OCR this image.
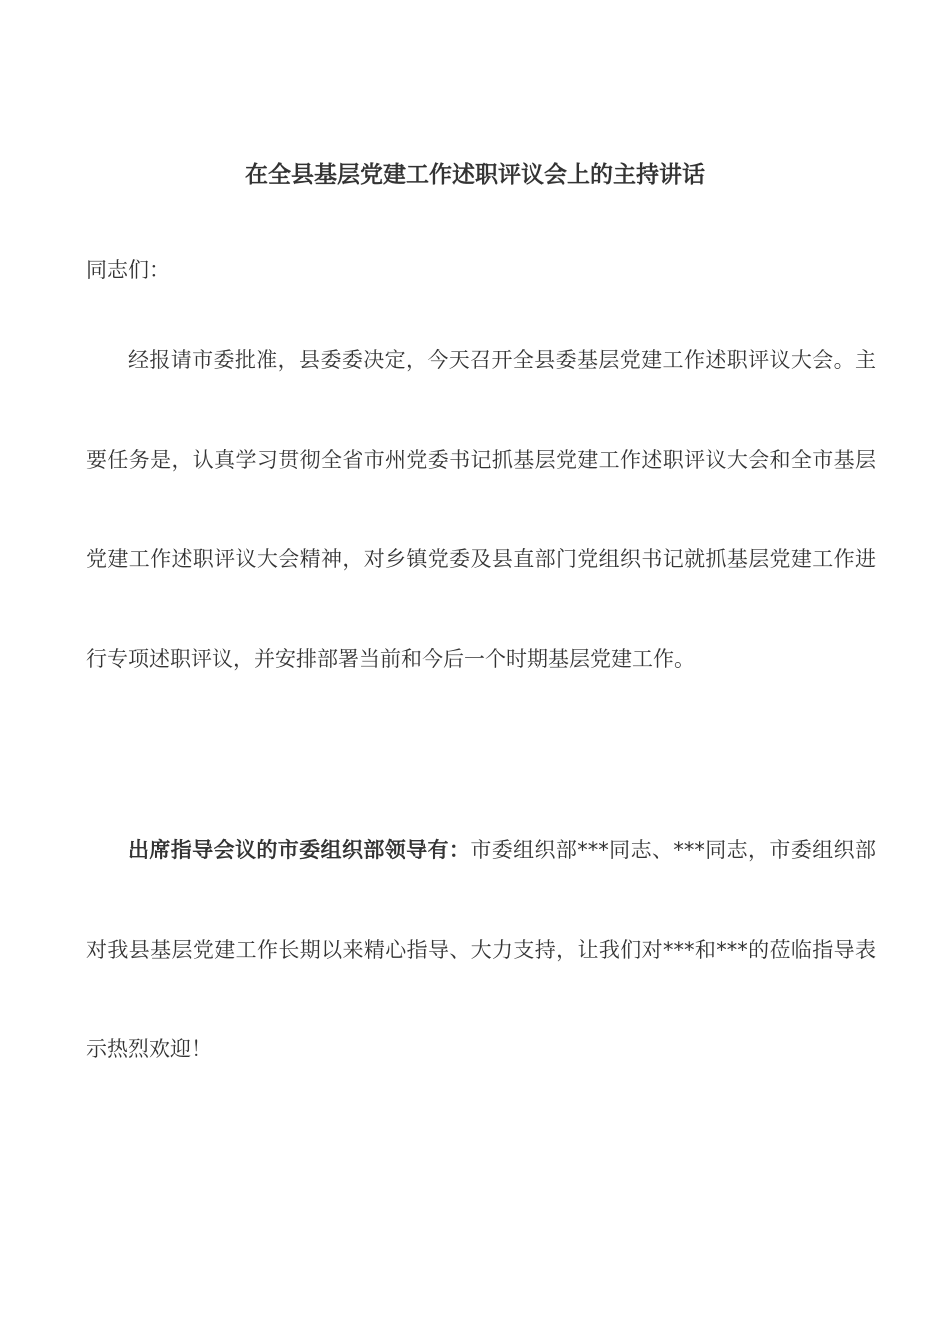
在全县基层党建工作述职评议会上的主持讲话

同志们：

经报请市委批准，县委委决定，今天召开全县委基层党建工作述职评议大会。主要任务是，认真学习贯彻全省市州党委书记抓基层党建工作述职评议大会和全市基层党建工作述职评议大会精神，对乡镇党委及县直部门党组织书记就抓基层党建工作进行专项述职评议，并安排部署当前和今后一个时期基层党建工作。

出席指导会议的市委组织部领导有：市委组织部***同志、***同志，市委组织部对我县基层党建工作长期以来精心指导、大力支持，让我们对***和***的莅临指导表示热烈欢迎！
